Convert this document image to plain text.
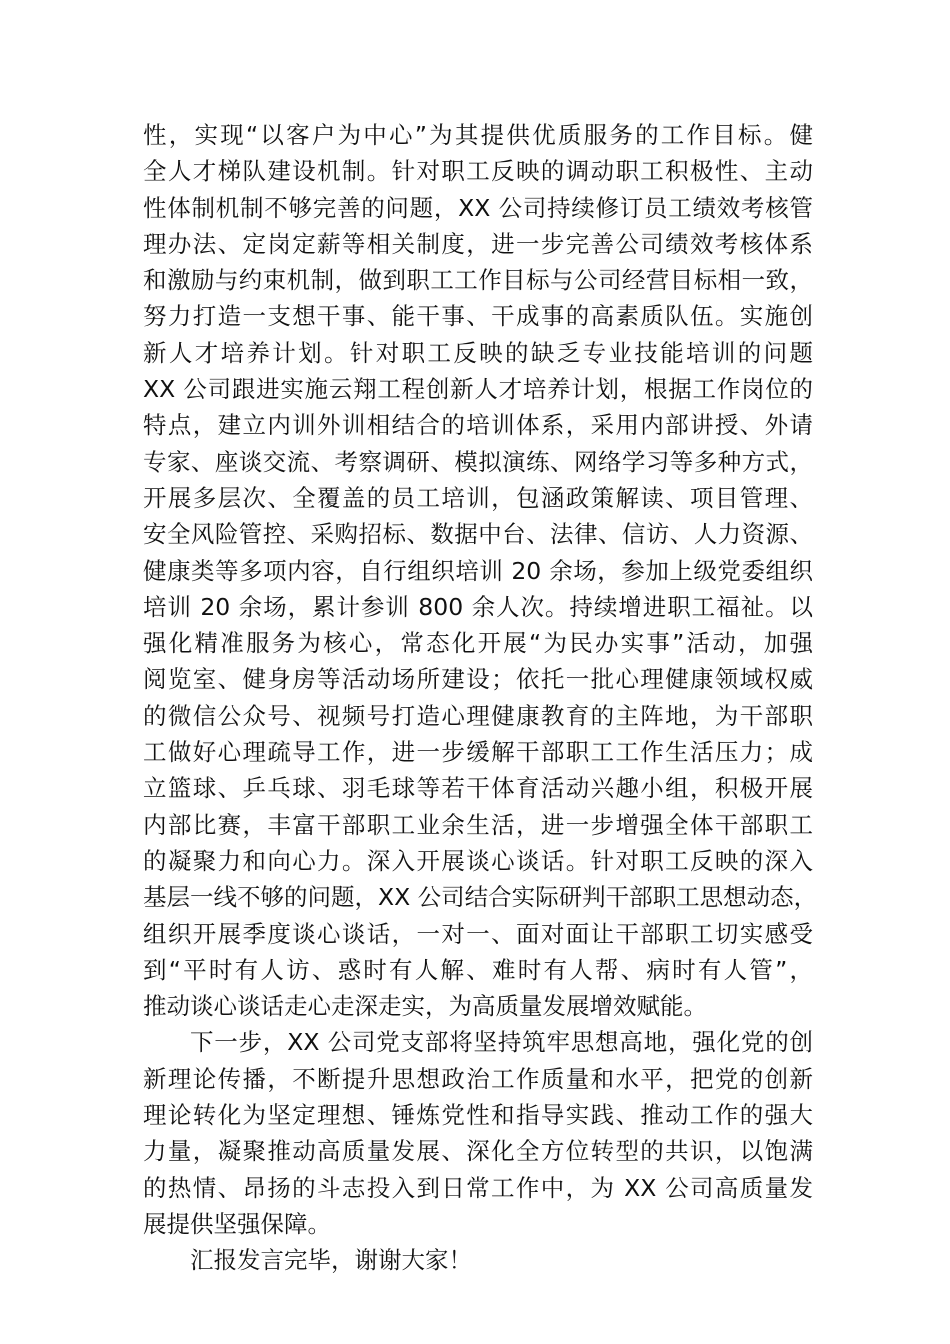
性，实现“以客户为中心”为其提供优质服务的工作目标。健
全人才梯队建设机制。针对职工反映的调动职工积极性、主动
性体制机制不够完善的问题，XX 公司持续修订员工绩效考核管
理办法、定岗定薪等相关制度，进一步完善公司绩效考核体系
和激励与约束机制，做到职工工作目标与公司经营目标相一致，
努力打造一支想干事、能干事、干成事的高素质队伍。实施创
新人才培养计划。针对职工反映的缺乏专业技能培训的问题
XX 公司跟进实施云翔工程创新人才培养计划，根据工作岗位的
特点，建立内训外训相结合的培训体系，采用内部讲授、外请
专家、座谈交流、考察调研、模拟演练、网络学习等多种方式，
开展多层次、全覆盖的员工培训，包涵政策解读、项目管理、
安全风险管控、采购招标、数据中台、法律、信访、人力资源、
健康类等多项内容，自行组织培训 20 余场，参加上级党委组织
培训 20 余场，累计参训 800 余人次。持续增进职工福祉。以
强化精准服务为核心，常态化开展“为民办实事”活动，加强
阅览室、健身房等活动场所建设；依托一批心理健康领域权威
的微信公众号、视频号打造心理健康教育的主阵地，为干部职
工做好心理疏导工作，进一步缓解干部职工工作生活压力；成
立篮球、乒乓球、羽毛球等若干体育活动兴趣小组，积极开展
内部比赛，丰富干部职工业余生活，进一步增强全体干部职工
的凝聚力和向心力。深入开展谈心谈话。针对职工反映的深入
基层一线不够的问题，XX 公司结合实际研判干部职工思想动态，
组织开展季度谈心谈话，一对一、面对面让干部职工切实感受
到“平时有人访、惑时有人解、难时有人帮、病时有人管”，
推动谈心谈话走心走深走实，为高质量发展增效赋能。
下一步，XX 公司党支部将坚持筑牢思想高地，强化党的创
新理论传播，不断提升思想政治工作质量和水平，把党的创新
理论转化为坚定理想、锤炼党性和指导实践、推动工作的强大
力量，凝聚推动高质量发展、深化全方位转型的共识，以饱满
的热情、昂扬的斗志投入到日常工作中，为 XX 公司高质量发
展提供坚强保障。
汇报发言完毕，谢谢大家！
